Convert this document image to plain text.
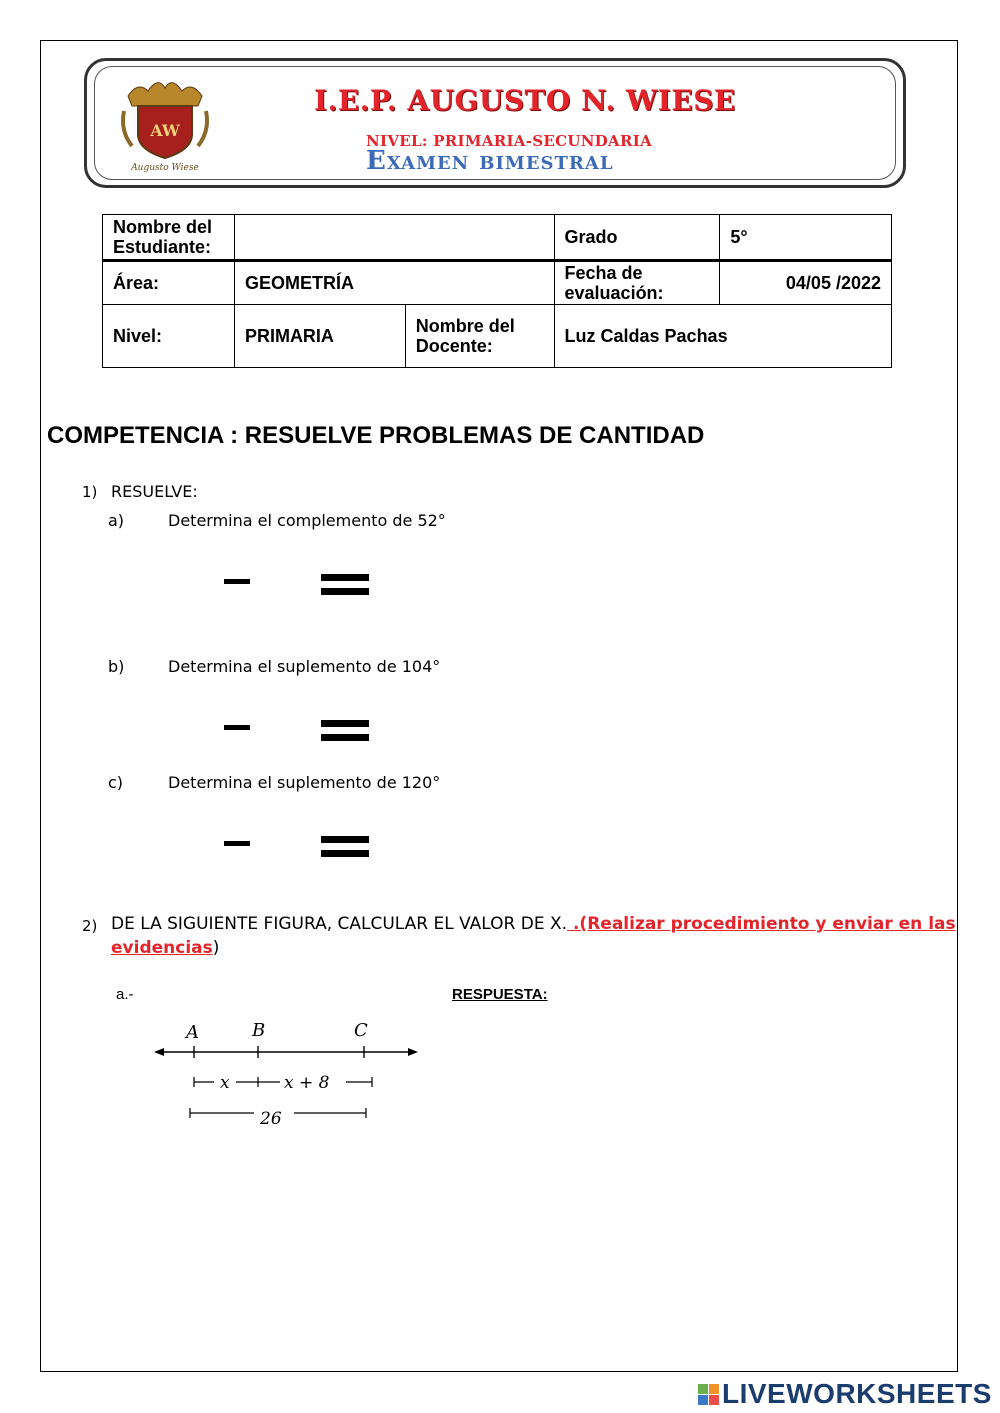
AW
Augusto Wiese
I.E.P. AUGUSTO N. WIESE
NIVEL: PRIMARIA-SECUNDARIA
Examen bimestral
Nombre del Estudiante:			Grado	5°
Área:	GEOMETRÍA		Fecha de evaluación:	04/05 /2022
Nivel:	PRIMARIA	Nombre del Docente:	Luz Caldas Pachas	
COMPETENCIA : RESUELVE PROBLEMAS DE CANTIDAD
1) RESUELVE:
a)	Determina el complemento de 52°
b)	Determina el suplemento de 104°
c)	Determina el suplemento de 120°
2) DE LA SIGUIENTE FIGURA, CALCULAR EL VALOR DE X. .(Realizar procedimiento y enviar en las evidencias)
a.-	RESPUESTA:
A	B	C
x	x + 8
26
LIVEWORKSHEETS
